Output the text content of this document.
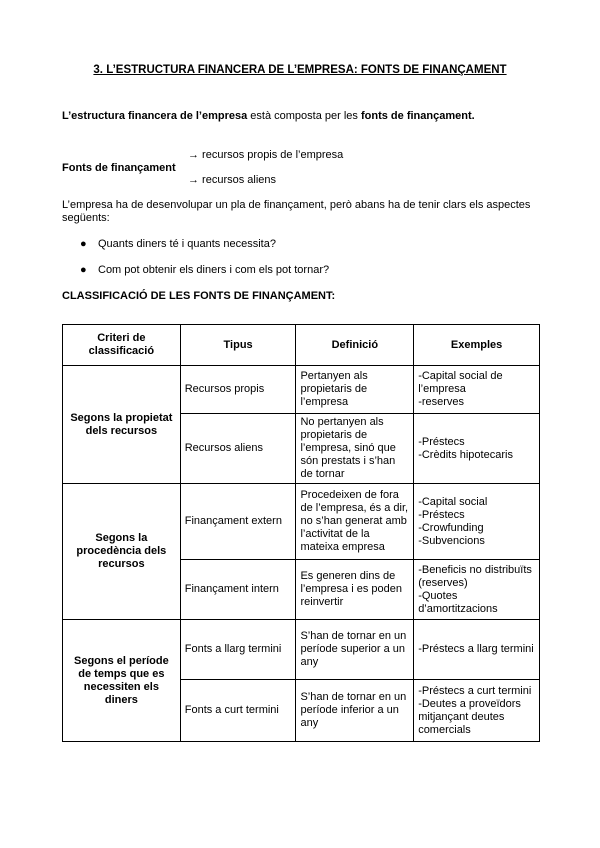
3. L’ESTRUCTURA FINANCERA DE L’EMPRESA: FONTS DE FINANÇAMENT
L’estructura financera de l’empresa està composta per les fonts de finançament.
Fonts de finançament
→ recursos propis de l’empresa
→ recursos aliens
L’empresa ha de desenvolupar un pla de finançament, però abans ha de tenir clars els aspectes següents:
● Quants diners té i quants necessita?
● Com pot obtenir els diners i com els pot tornar?
CLASSIFICACIÓ DE LES FONTS DE FINANÇAMENT:
Criteri de classificació	Tipus	Definició	Exemples
Segons la propietat dels recursos	Recursos propis	Pertanyen als propietaris de l’empresa	-Capital social de l’empresa
-reserves
	Recursos aliens	No pertanyen als propietaris de l’empresa, sinó que són prestats i s’han de tornar	-Préstecs
-Crèdits hipotecaris
Segons la procedència dels recursos	Finançament extern	Procedeixen de fora de l’empresa, és a dir, no s’han generat amb l’activitat de la mateixa empresa	-Capital social
-Préstecs
-Crowfunding
-Subvencions
	Finançament intern	Es generen dins de l’empresa i es poden reinvertir	-Beneficis no distribuïts (reserves)
-Quotes d’amortitzacions
Segons el període de temps que es necessiten els diners	Fonts a llarg termini	S’han de tornar en un període superior a un any	-Préstecs a llarg termini
	Fonts a curt termini	S’han de tornar en un període inferior a un any	-Préstecs a curt termini
-Deutes a proveïdors mitjançant deutes comercials
